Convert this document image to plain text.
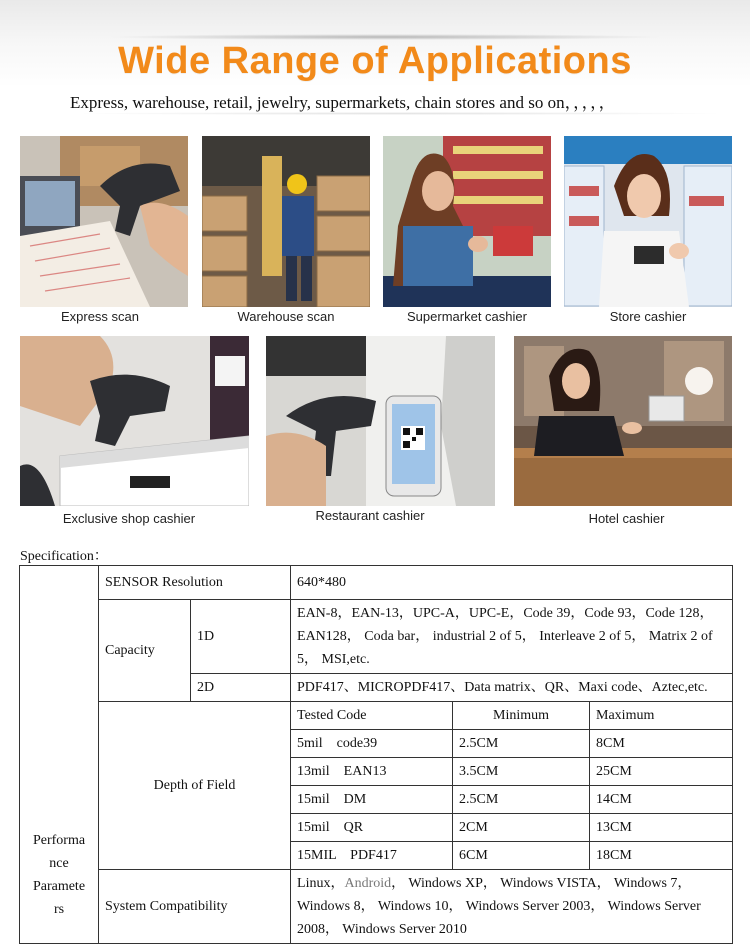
Wide Range of Applications
Express, warehouse, retail, jewelry, supermarkets, chain stores and so on，，，，，
Express scan	Warehouse scan	Supermarket cashier	Store cashier
Exclusive shop cashier	Restaurant cashier	Hotel cashier
Specification：
Performa
nce
Paramete
rs	SENSOR Resolution		640*480		
	Capacity	1D	EAN-8，EAN-13，UPC-A，UPC-E，Code 39，Code 93，Code 128，EAN128， Coda bar， industrial 2 of 5， Interleave 2 of 5， Matrix 2 of 5， MSI,etc.		
		2D	PDF417、MICROPDF417、Data matrix、QR、Maxi code、Aztec,etc.		
	Depth of Field		Tested Code	Minimum	Maximum
			5mil    code39	2.5CM	8CM
			13mil    EAN13	3.5CM	25CM
			15mil    DM	2.5CM	14CM
			15mil    QR	2CM	13CM
			15MIL    PDF417	6CM	18CM
	System Compatibility		Linux，Android， Windows XP， Windows VISTA， Windows 7， Windows 8， Windows 10， Windows Server 2003， Windows Server 2008， Windows Server 2010		
